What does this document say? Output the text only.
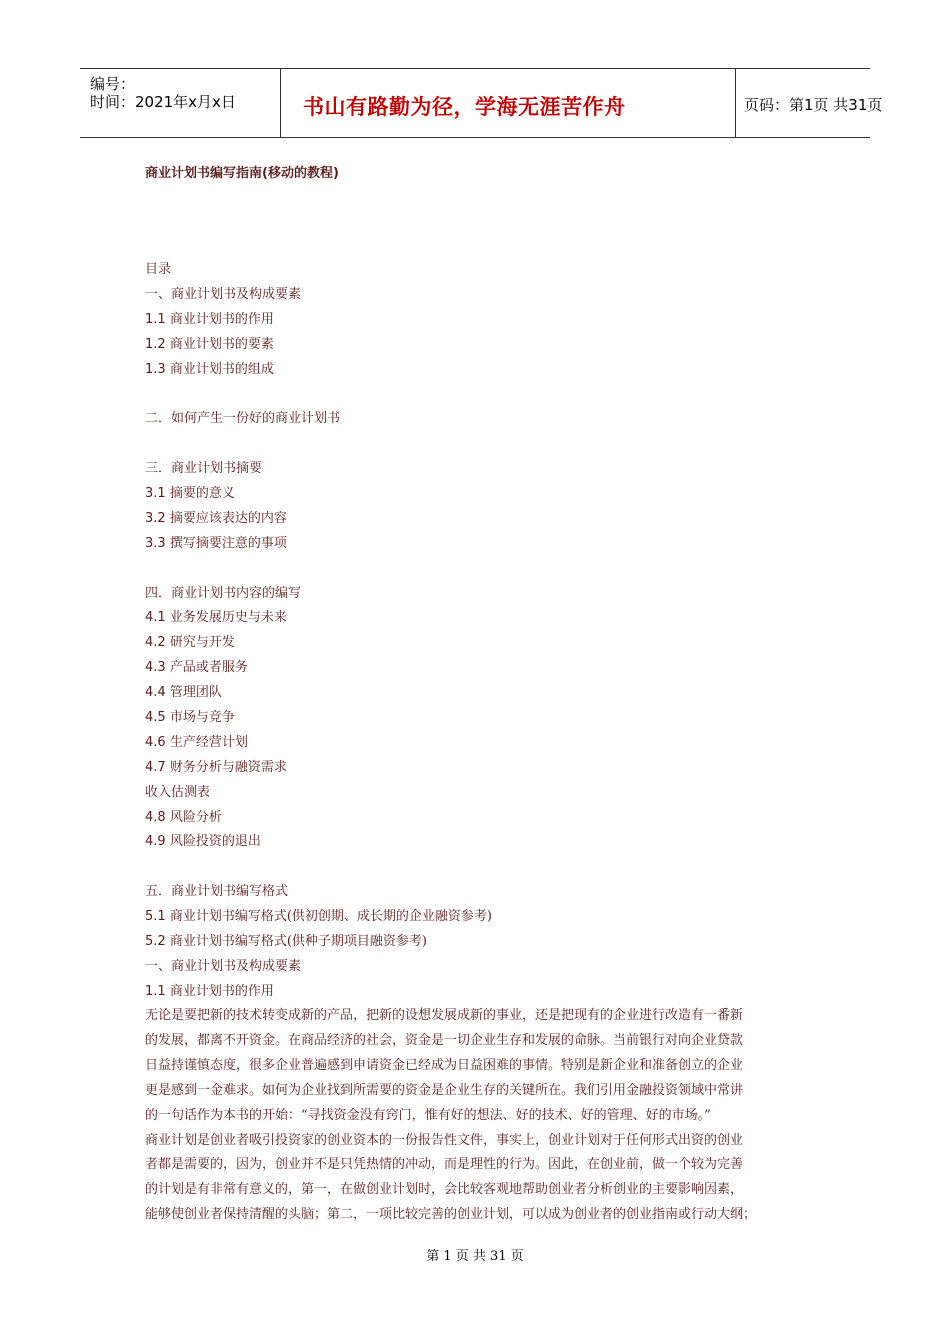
编号：
时间：2021年x月x日	书山有路勤为径，学海无涯苦作舟	页码：第1页 共31页
商业计划书编写指南(移动的教程)
目录
一、商业计划书及构成要素
1.1 商业计划书的作用
1.2 商业计划书的要素
1.3 商业计划书的组成
二．如何产生一份好的商业计划书
三．商业计划书摘要
3.1 摘要的意义
3.2 摘要应该表达的内容
3.3 撰写摘要注意的事项
四．商业计划书内容的编写
4.1 业务发展历史与未来
4.2 研究与开发
4.3 产品或者服务
4.4 管理团队
4.5 市场与竞争
4.6 生产经营计划
4.7 财务分析与融资需求
收入估测表
4.8 风险分析
4.9 风险投资的退出
五．商业计划书编写格式
5.1 商业计划书编写格式(供初创期、成长期的企业融资参考)
5.2 商业计划书编写格式(供种子期项目融资参考)
一、商业计划书及构成要素
1.1 商业计划书的作用
无论是要把新的技术转变成新的产品，把新的设想发展成新的事业，还是把现有的企业进行改造有一番新
的发展，都离不开资金。在商品经济的社会，资金是一切企业生存和发展的命脉。当前银行对向企业贷款
日益持谨慎态度，很多企业普遍感到申请资金已经成为日益困难的事情。特别是新企业和准备创立的企业
更是感到一金难求。如何为企业找到所需要的资金是企业生存的关键所在。我们引用金融投资领域中常讲
的一句话作为本书的开始：“寻找资金没有窍门，惟有好的想法、好的技术、好的管理、好的市场。”
商业计划是创业者吸引投资家的创业资本的一份报告性文件，事实上，创业计划对于任何形式出资的创业
者都是需要的，因为，创业并不是只凭热情的冲动，而是理性的行为。因此，在创业前，做一个较为完善
的计划是有非常有意义的，第一，在做创业计划时，会比较客观地帮助创业者分析创业的主要影响因素，
能够使创业者保持清醒的头脑；第二，一项比较完善的创业计划，可以成为创业者的创业指南或行动大纲；
第 1 页 共 31 页
